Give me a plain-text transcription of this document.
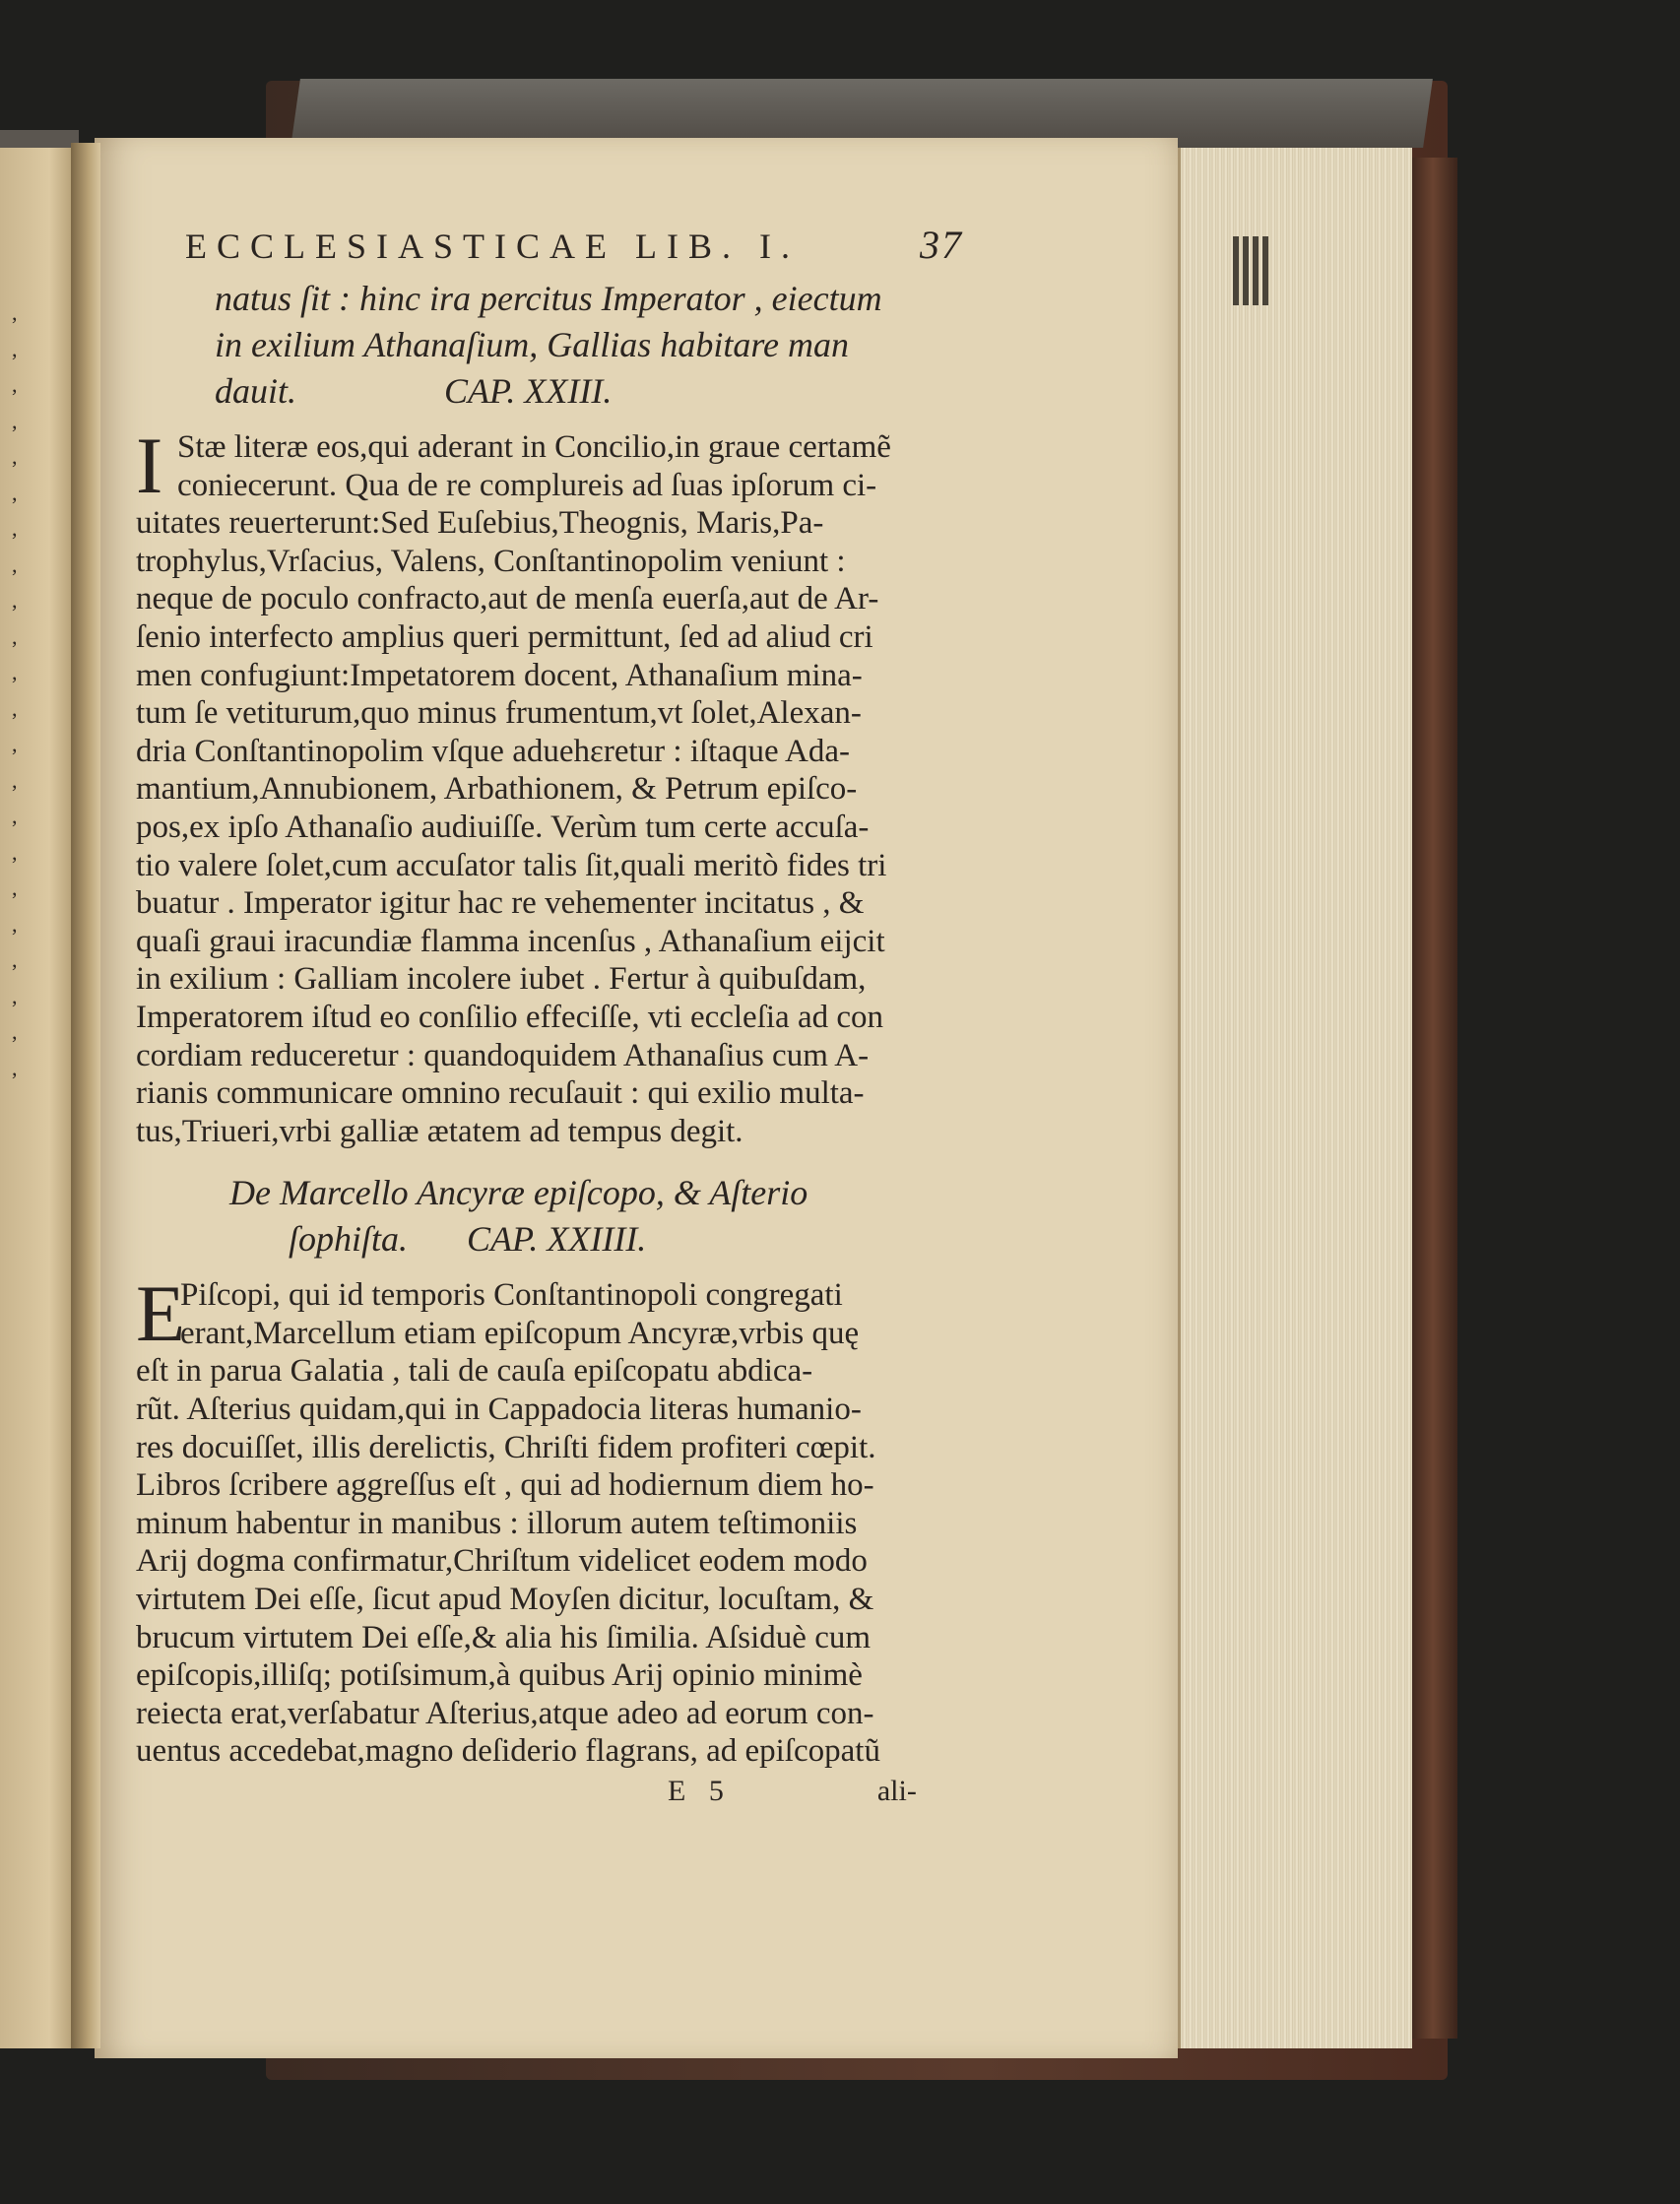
,
,
,
,
,
,
,
,
,
,
,
,
,
,
,
,
,
,
,
,
,
,
ECCLESIASTICAE LIB. I.	37
natus ſit : hinc ira percitus Imperator , eiectum
in exilium Athanaſium, Gallias habitare man
dauit.	CAP. XXIII.
I Stæ literæ eos,qui aderant in Concilio,in graue certamẽ
coniecerunt. Qua de re complureis ad ſuas ipſorum ci-
uitates reuerterunt:Sed Euſebius,Theognis, Maris,Pa-
trophylus,Vrſacius, Valens, Conſtantinopolim veniunt :
neque de poculo confracto,aut de menſa euerſa,aut de Ar-
ſenio interfecto amplius queri permittunt, ſed ad aliud cri
men confugiunt:Impetatorem docent, Athanaſium mina-
tum ſe vetiturum,quo minus frumentum,vt ſolet,Alexan-
dria Conſtantinopolim vſque aduehεretur : iſtaque Ada-
mantium,Annubionem, Arbathionem, & Petrum epiſco-
pos,ex ipſo Athanaſio audiuiſſe. Verùm tum certe accuſa-
tio valere ſolet,cum accuſator talis ſit,quali meritò fides tri
buatur . Imperator igitur hac re vehementer incitatus , &
quaſi graui iracundiæ flamma incenſus , Athanaſium eijcit
in exilium : Galliam incolere iubet . Fertur à quibuſdam,
Imperatorem iſtud eo conſilio effeciſſe, vti eccleſia ad con
cordiam reduceretur : quandoquidem Athanaſius cum A-
rianis communicare omnino recuſauit : qui exilio multa-
tus,Triueri,vrbi galliæ ætatem ad tempus degit.
De Marcello Ancyræ epiſcopo, & Aſterio
ſophiſta. CAP. XXIIII.
E
Piſcopi, qui id temporis Conſtantinopoli congregati
erant,Marcellum etiam epiſcopum Ancyræ,vrbis quę
eſt in parua Galatia , tali de cauſa epiſcopatu abdica-
rũt. Aſterius quidam,qui in Cappadocia literas humanio-
res docuiſſet, illis derelictis, Chriſti fidem profiteri cœpit.
Libros ſcribere aggreſſus eſt , qui ad hodiernum diem ho-
minum habentur in manibus : illorum autem teſtimoniis
Arij dogma confirmatur,Chriſtum videlicet eodem modo
virtutem Dei eſſe, ſicut apud Moyſen dicitur, locuſtam, &
brucum virtutem Dei eſſe,& alia his ſimilia. Aſsiduè cum
epiſcopis,illiſq; potiſsimum,à quibus Arij opinio minimè
reiecta erat,verſabatur Aſterius,atque adeo ad eorum con-
uentus accedebat,magno deſiderio flagrans, ad epiſcopatũ
E 5	ali-
